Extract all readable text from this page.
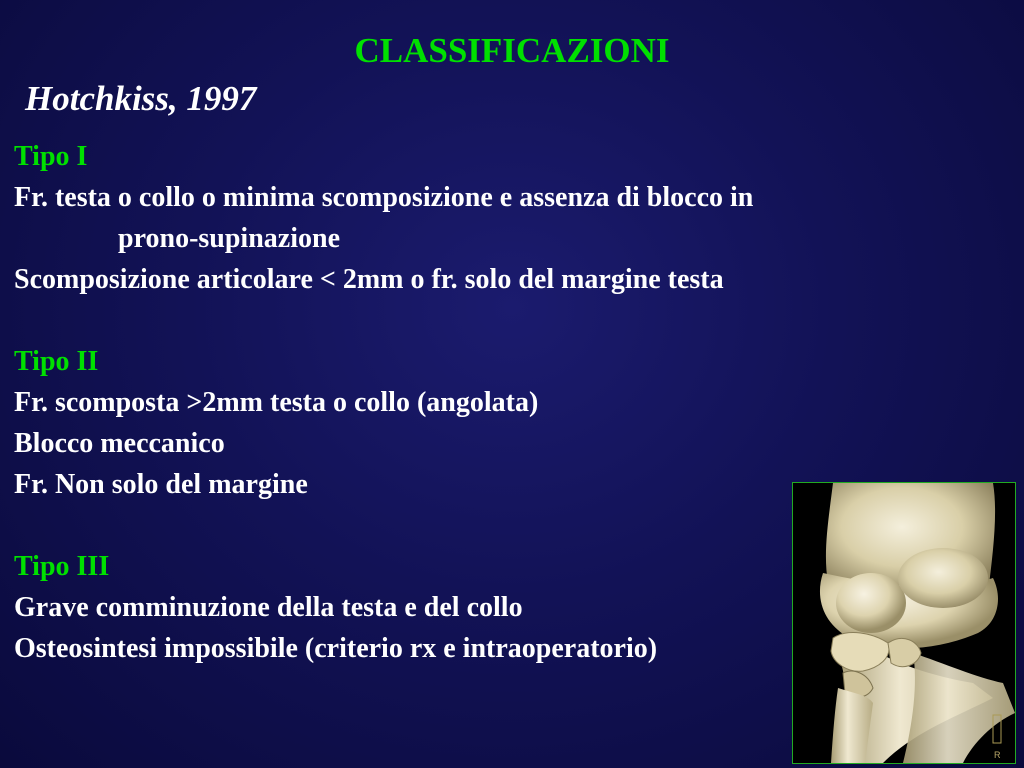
CLASSIFICAZIONI
Hotchkiss, 1997
Tipo I
Fr. testa o collo o minima scomposizione e assenza di blocco in
prono-supinazione
Scomposizione articolare < 2mm o fr. solo del margine testa
Tipo II
Fr. scomposta >2mm testa o collo (angolata)
Blocco meccanico
Fr. Non solo del margine
Tipo III
Grave comminuzione della testa e del collo
Osteosintesi impossibile (criterio rx e intraoperatorio)
R
